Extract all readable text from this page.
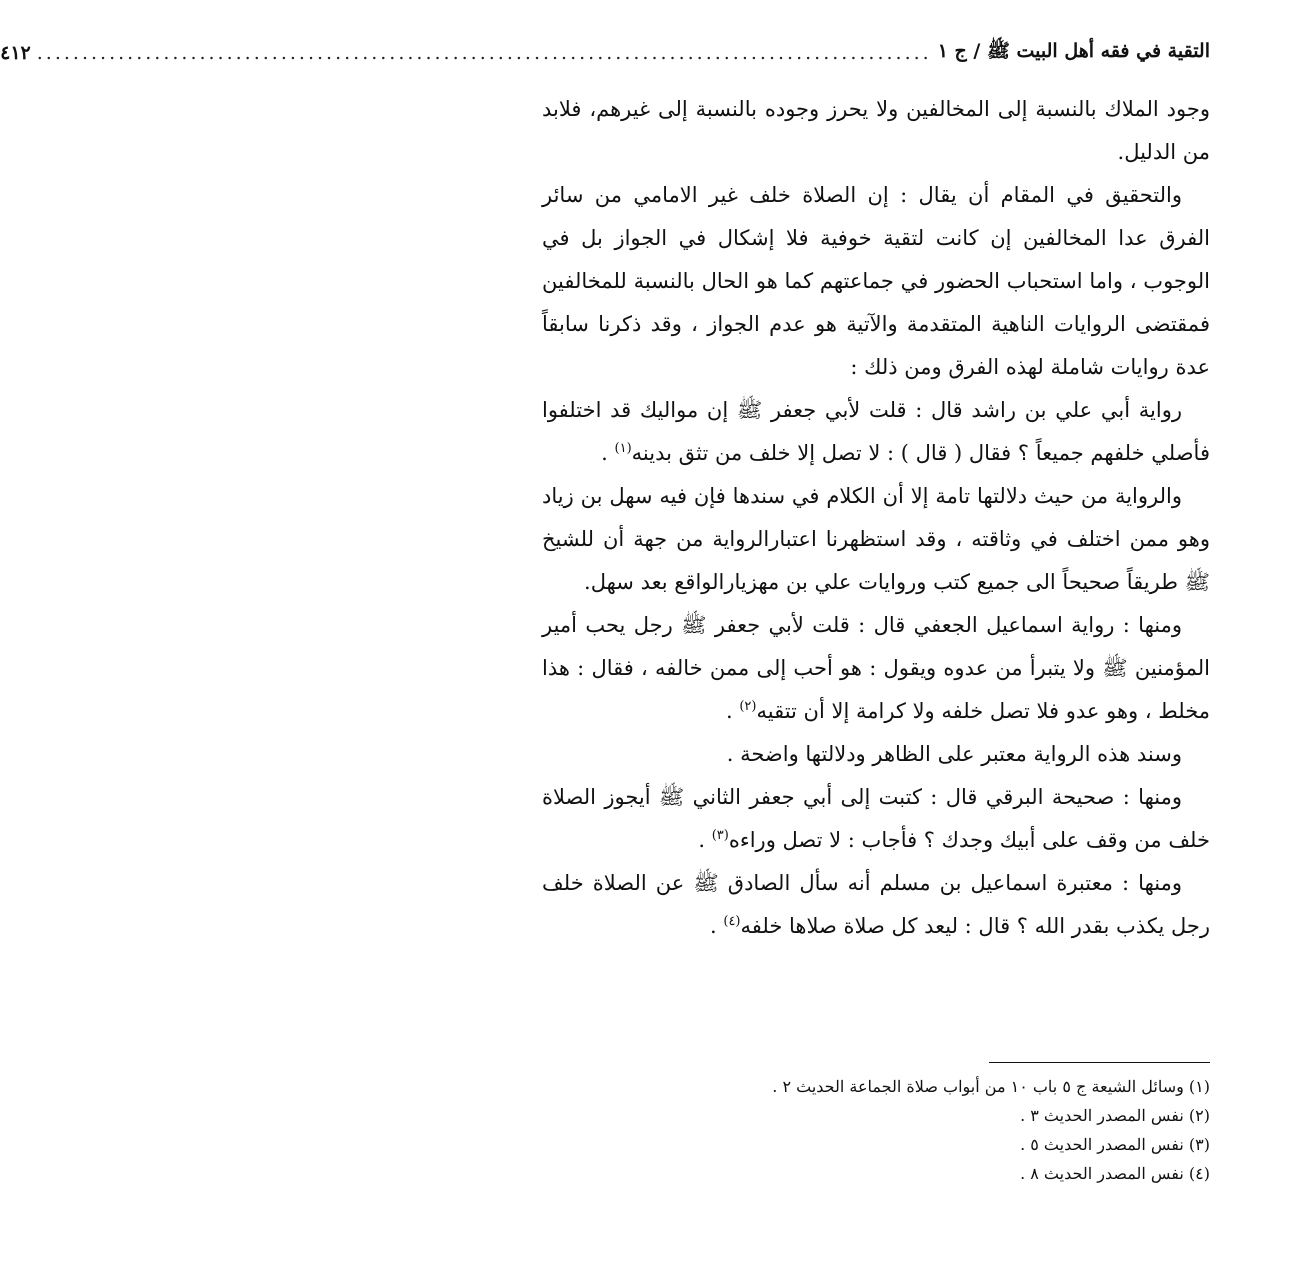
التقية في فقه أهل البيت ﷺ / ج ١
...................................................................................................
٤١٢

وجود الملاك بالنسبة إلى المخالفين ولا يحرز وجوده بالنسبة إلى غيرهم، فلابد من الدليل.

والتحقيق في المقام أن يقال : إن الصلاة خلف غير الامامي من سائر الفرق عدا المخالفين إن كانت لتقية خوفية فلا إشكال في الجواز بل في الوجوب ، واما استحباب الحضور في جماعتهم كما هو الحال بالنسبة للمخالفين فمقتضى الروايات الناهية المتقدمة والآتية هو عدم الجواز ، وقد ذكرنا سابقاً عدة روايات شاملة لهذه الفرق ومن ذلك :

رواية أبي علي بن راشد قال : قلت لأبي جعفر ﷺ إن مواليك قد اختلفوا فأصلي خلفهم جميعاً ؟ فقال ( قال ) : لا تصل إلا خلف من تثق بدينه$^{(١)}$ .

والرواية من حيث دلالتها تامة إلا أن الكلام في سندها فإن فيه سهل بن زياد وهو ممن اختلف في وثاقته ، وقد استظهرنا اعتبارالرواية من جهة أن للشيخ ﷺ طريقاً صحيحاً الى جميع كتب وروايات علي بن مهزيارالواقع بعد سهل.

ومنها : رواية اسماعيل الجعفي قال : قلت لأبي جعفر ﷺ رجل يحب أمير المؤمنين ﷺ ولا يتبرأ من عدوه ويقول : هو أحب إلى ممن خالفه ، فقال : هذا مخلط ، وهو عدو فلا تصل خلفه ولا كرامة إلا أن تتقيه$^{(٢)}$ .

وسند هذه الرواية معتبر على الظاهر ودلالتها واضحة .

ومنها : صحيحة البرقي قال : كتبت إلى أبي جعفر الثاني ﷺ أيجوز الصلاة خلف من وقف على أبيك وجدك ؟ فأجاب : لا تصل وراءه$^{(٣)}$ .

ومنها : معتبرة اسماعيل بن مسلم أنه سأل الصادق ﷺ عن الصلاة خلف رجل يكذب بقدر الله ؟ قال : ليعد كل صلاة صلاها خلفه$^{(٤)}$ .

(١) وسائل الشيعة ج ٥ باب ١٠ من أبواب صلاة الجماعة الحديث ٢ .

(٢) نفس المصدر الحديث ٣ .

(٣) نفس المصدر الحديث ٥ .

(٤) نفس المصدر الحديث ٨ .
